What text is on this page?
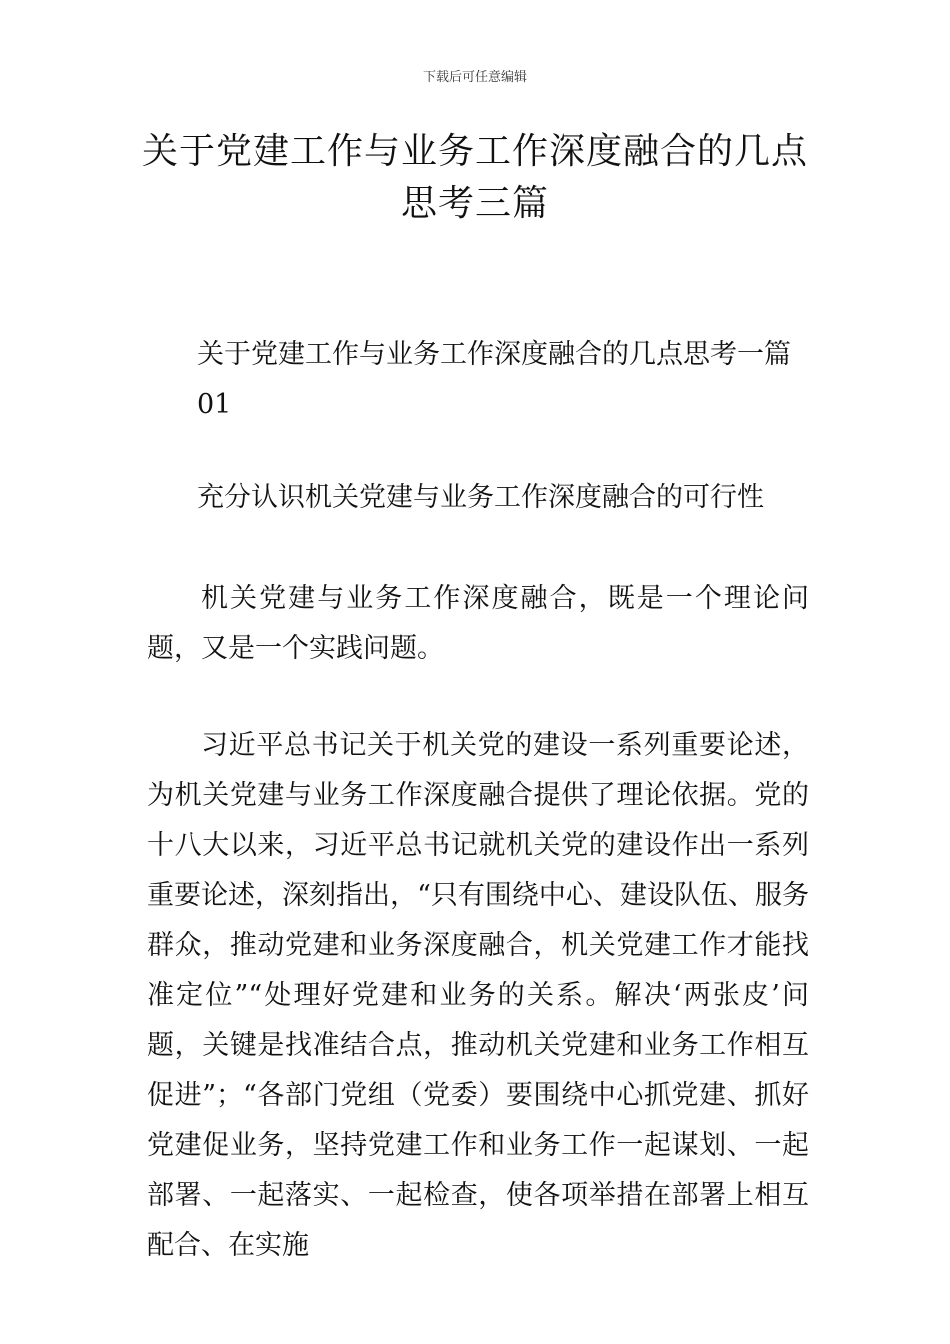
下载后可任意编辑
关于党建工作与业务工作深度融合的几点
思考三篇

关于党建工作与业务工作深度融合的几点思考一篇

01

充分认识机关党建与业务工作深度融合的可行性

机关党建与业务工作深度融合，既是一个理论问题，又是一个实践问题。

习近平总书记关于机关党的建设一系列重要论述，为机关党建与业务工作深度融合提供了理论依据。党的十八大以来，习近平总书记就机关党的建设作出一系列重要论述，深刻指出，“只有围绕中心、建设队伍、服务群众，推动党建和业务深度融合，机关党建工作才能找准定位”“处理好党建和业务的关系。解决‘两张皮’问题，关键是找准结合点，推动机关党建和业务工作相互促进”；“各部门党组（党委）要围绕中心抓党建、抓好党建促业务，坚持党建工作和业务工作一起谋划、一起部署、一起落实、一起检查，使各项举措在部署上相互配合、在实施
